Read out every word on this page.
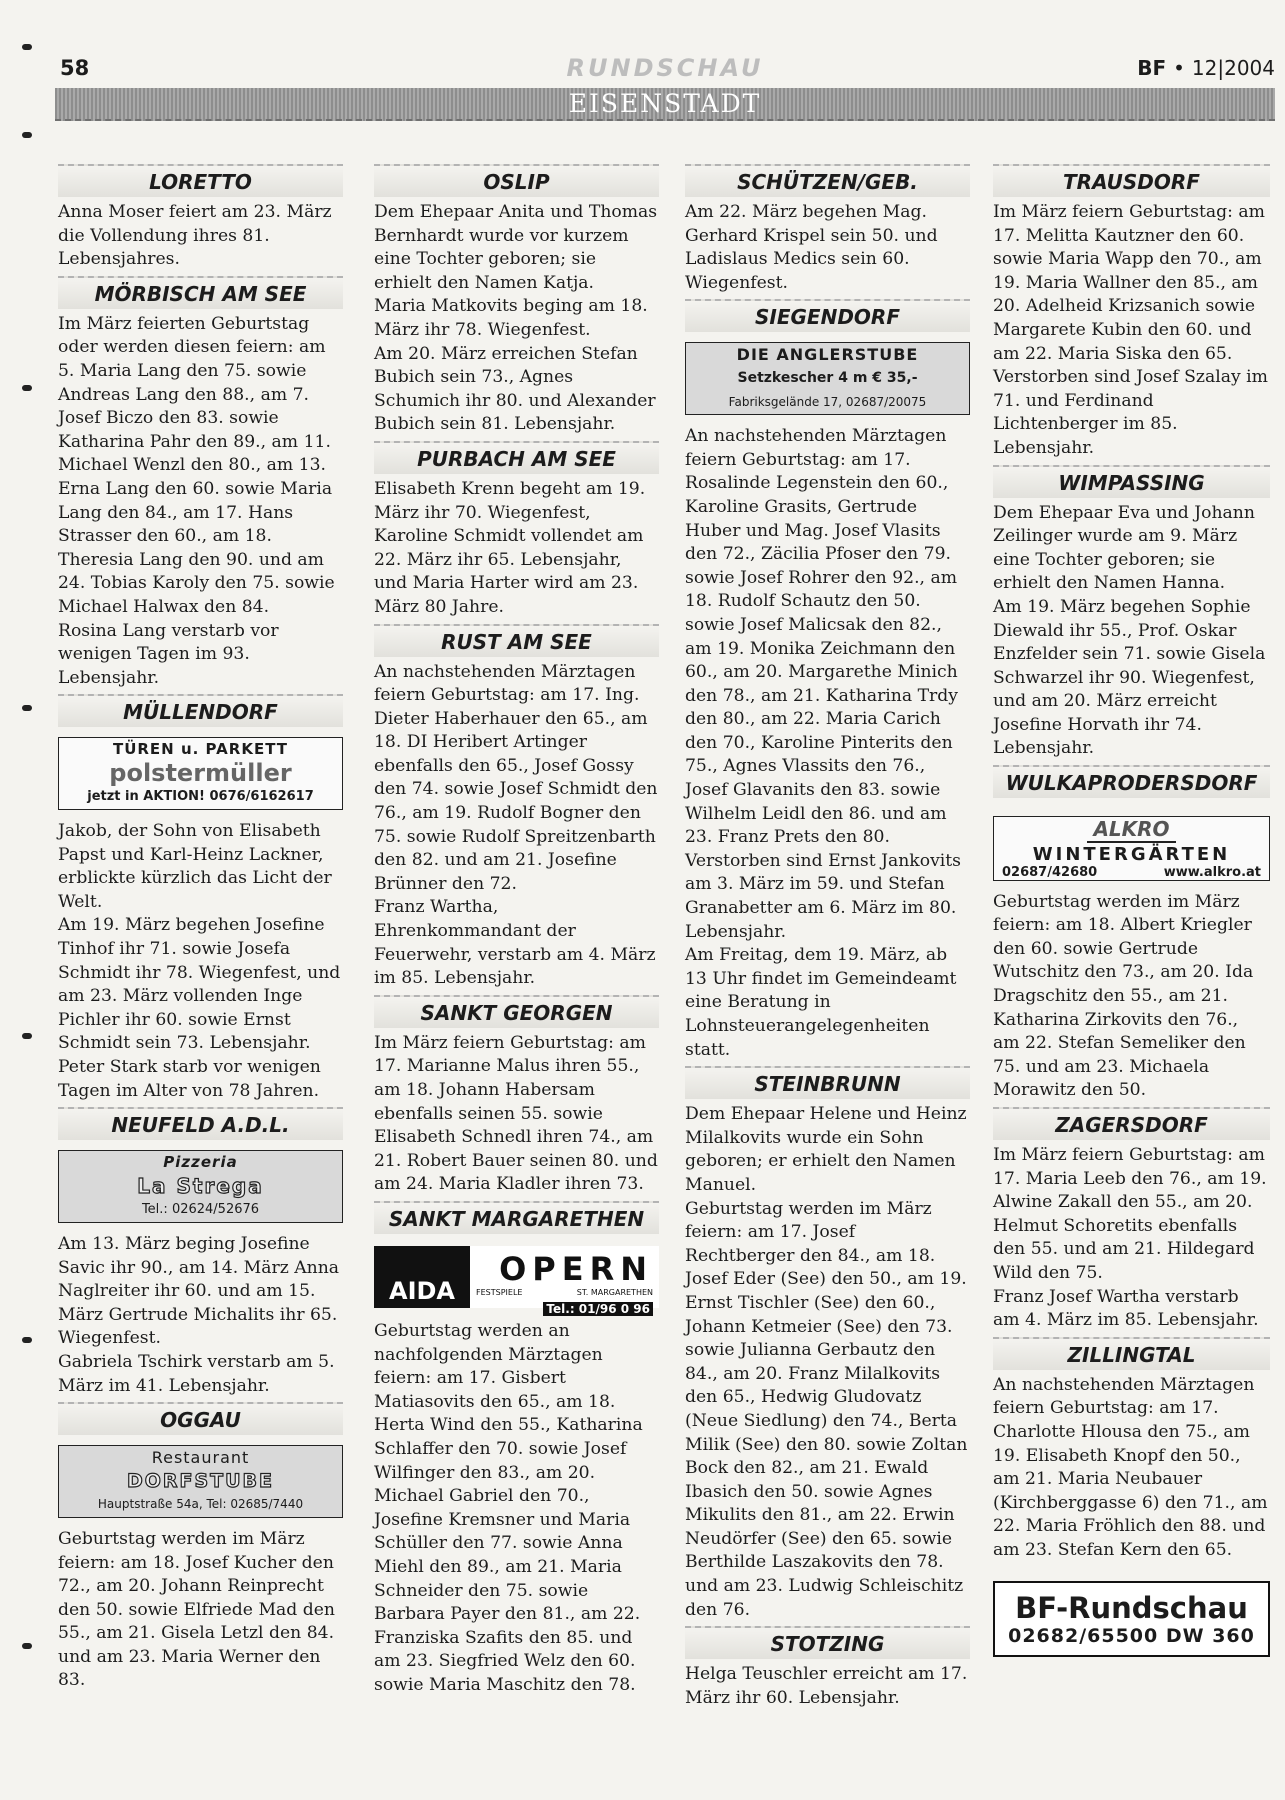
58	RUNDSCHAU	BF • 12|2004
EISENSTADT
LORETTO

Anna Moser feiert am 23. März die Vollendung ihres 81. Lebensjahres.

MÖRBISCH AM SEE

Im März feierten Geburtstag oder werden diesen feiern: am 5. Maria Lang den 75. sowie Andreas Lang den 88., am 7. Josef Biczo den 83. sowie Katharina Pahr den 89., am 11. Michael Wenzl den 80., am 13. Erna Lang den 60. sowie Maria Lang den 84., am 17. Hans Strasser den 60., am 18. Theresia Lang den 90. und am 24. Tobias Karoly den 75. sowie Michael Halwax den 84.

Rosina Lang verstarb vor wenigen Tagen im 93. Lebensjahr.

MÜLLENDORF
TÜREN u. PARKETT
polstermüller
jetzt in AKTION! 0676/6162617

Jakob, der Sohn von Elisabeth Papst und Karl-Heinz Lackner, erblickte kürzlich das Licht der Welt.

Am 19. März begehen Josefine Tinhof ihr 71. sowie Josefa Schmidt ihr 78. Wiegenfest, und am 23. März vollenden Inge Pichler ihr 60. sowie Ernst Schmidt sein 73. Lebensjahr.

Peter Stark starb vor wenigen Tagen im Alter von 78 Jahren.

NEUFELD A.D.L.
Pizzeria
La Strega
Tel.: 02624/52676

Am 13. März beging Josefine Savic ihr 90., am 14. März Anna Naglreiter ihr 60. und am 15. März Gertrude Michalits ihr 65. Wiegenfest.

Gabriela Tschirk verstarb am 5. März im 41. Lebensjahr.

OGGAU
Restaurant
DORFSTUBE
Hauptstraße 54a, Tel: 02685/7440

Geburtstag werden im März feiern: am 18. Josef Kucher den 72., am 20. Johann Reinprecht den 50. sowie Elfriede Mad den 55., am 21. Gisela Letzl den 84. und am 23. Maria Werner den 83.

OSLIP

Dem Ehepaar Anita und Thomas Bernhardt wurde vor kurzem eine Tochter geboren; sie erhielt den Namen Katja.

Maria Matkovits beging am 18. März ihr 78. Wiegenfest.

Am 20. März erreichen Stefan Bubich sein 73., Agnes Schumich ihr 80. und Alexander Bubich sein 81. Lebensjahr.

PURBACH AM SEE

Elisabeth Krenn begeht am 19. März ihr 70. Wiegenfest, Karoline Schmidt vollendet am 22. März ihr 65. Lebensjahr, und Maria Harter wird am 23. März 80 Jahre.

RUST AM SEE

An nachstehenden Märztagen feiern Geburtstag: am 17. Ing. Dieter Haberhauer den 65., am 18. DI Heribert Artinger ebenfalls den 65., Josef Gossy den 74. sowie Josef Schmidt den 76., am 19. Rudolf Bogner den 75. sowie Rudolf Spreitzenbarth den 82. und am 21. Josefine Brünner den 72.

Franz Wartha, Ehrenkommandant der Feuerwehr, verstarb am 4. März im 85. Lebensjahr.

SANKT GEORGEN

Im März feiern Geburtstag: am 17. Marianne Malus ihren 55., am 18. Johann Habersam ebenfalls seinen 55. sowie Elisabeth Schnedl ihren 74., am 21. Robert Bauer seinen 80. und am 24. Maria Kladler ihren 73.

SANKT MARGARETHEN
AIDA
OPERN
FESTSPIELE	ST. MARGARETHEN
Tel.: 01/96 0 96

Geburtstag werden an nachfolgenden Märztagen feiern: am 17. Gisbert Matiasovits den 65., am 18. Herta Wind den 55., Katharina Schlaffer den 70. sowie Josef Wilfinger den 83., am 20. Michael Gabriel den 70., Josefine Kremsner und Maria Schüller den 77. sowie Anna Miehl den 89., am 21. Maria Schneider den 75. sowie Barbara Payer den 81., am 22. Franziska Szafits den 85. und am 23. Siegfried Welz den 60. sowie Maria Maschitz den 78.

SCHÜTZEN/GEB.

Am 22. März begehen Mag. Gerhard Krispel sein 50. und Ladislaus Medics sein 60. Wiegenfest.

SIEGENDORF
DIE ANGLERSTUBE
Setzkescher 4 m € 35,-
Fabriksgelände 17, 02687/20075

An nachstehenden Märztagen feiern Geburtstag: am 17. Rosalinde Legenstein den 60., Karoline Grasits, Gertrude Huber und Mag. Josef Vlasits den 72., Zäcilia Pfoser den 79. sowie Josef Rohrer den 92., am 18. Rudolf Schautz den 50. sowie Josef Malicsak den 82., am 19. Monika Zeichmann den 60., am 20. Margarethe Minich den 78., am 21. Katharina Trdy den 80., am 22. Maria Carich den 70., Karoline Pinterits den 75., Agnes Vlassits den 76., Josef Glavanits den 83. sowie Wilhelm Leidl den 86. und am 23. Franz Prets den 80.

Verstorben sind Ernst Jankovits am 3. März im 59. und Stefan Granabetter am 6. März im 80. Lebensjahr.

Am Freitag, dem 19. März, ab 13 Uhr findet im Gemeindeamt eine Beratung in Lohnsteuerangelegenheiten statt.

STEINBRUNN

Dem Ehepaar Helene und Heinz Milalkovits wurde ein Sohn geboren; er erhielt den Namen Manuel.

Geburtstag werden im März feiern: am 17. Josef Rechtberger den 84., am 18. Josef Eder (See) den 50., am 19. Ernst Tischler (See) den 60., Johann Ketmeier (See) den 73. sowie Julianna Gerbautz den 84., am 20. Franz Milalkovits den 65., Hedwig Gludovatz (Neue Siedlung) den 74., Berta Milik (See) den 80. sowie Zoltan Bock den 82., am 21. Ewald Ibasich den 50. sowie Agnes Mikulits den 81., am 22. Erwin Neudörfer (See) den 65. sowie Berthilde Laszakovits den 78. und am 23. Ludwig Schleischitz den 76.

STOTZING

Helga Teuschler erreicht am 17. März ihr 60. Lebensjahr.

TRAUSDORF

Im März feiern Geburtstag: am 17. Melitta Kautzner den 60. sowie Maria Wapp den 70., am 19. Maria Wallner den 85., am 20. Adelheid Krizsanich sowie Margarete Kubin den 60. und am 22. Maria Siska den 65.

Verstorben sind Josef Szalay im 71. und Ferdinand Lichtenberger im 85. Lebensjahr.

WIMPASSING

Dem Ehepaar Eva und Johann Zeilinger wurde am 9. März eine Tochter geboren; sie erhielt den Namen Hanna.

Am 19. März begehen Sophie Diewald ihr 55., Prof. Oskar Enzfelder sein 71. sowie Gisela Schwarzel ihr 90. Wiegenfest, und am 20. März erreicht Josefine Horvath ihr 74. Lebensjahr.

WULKAPRODERSDORF
ALKRO
WINTERGÄRTEN
02687/42680	www.alkro.at

Geburtstag werden im März feiern: am 18. Albert Kriegler den 60. sowie Gertrude Wutschitz den 73., am 20. Ida Dragschitz den 55., am 21. Katharina Zirkovits den 76., am 22. Stefan Semeliker den 75. und am 23. Michaela Morawitz den 50.

ZAGERSDORF

Im März feiern Geburtstag: am 17. Maria Leeb den 76., am 19. Alwine Zakall den 55., am 20. Helmut Schoretits ebenfalls den 55. und am 21. Hildegard Wild den 75.

Franz Josef Wartha verstarb am 4. März im 85. Lebensjahr.

ZILLINGTAL

An nachstehenden Märztagen feiern Geburtstag: am 17. Charlotte Hlousa den 75., am 19. Elisabeth Knopf den 50., am 21. Maria Neubauer (Kirchberggasse 6) den 71., am 22. Maria Fröhlich den 88. und am 23. Stefan Kern den 65.

BF-Rundschau
02682/65500 DW 360
